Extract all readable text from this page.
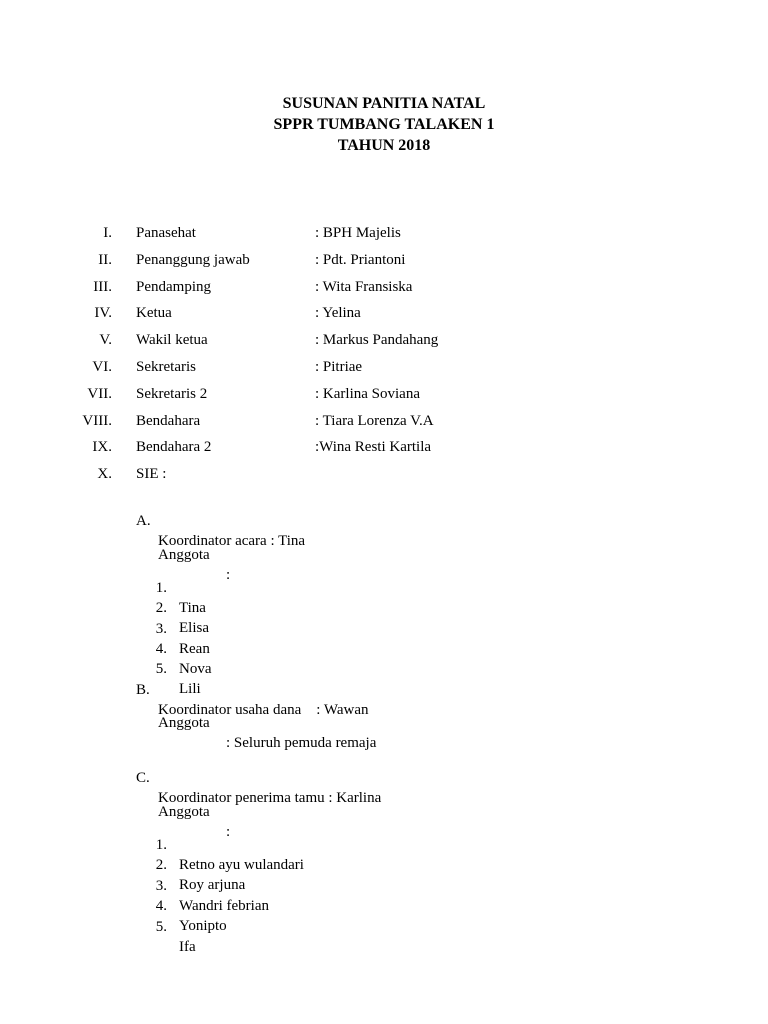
SUSUNAN PANITIA NATAL
SPPR TUMBANG TALAKEN 1
TAHUN 2018
I. Panasehat	: BPH Majelis
II. Penanggung jawab	: Pdt. Priantoni
III. Pendamping	: Wita Fransiska
IV. Ketua	: Yelina
V. Wakil ketua	: Markus Pandahang
VI. Sekretaris	: Pitriae
VII. Sekretaris 2	: Karlina Soviana
VIII. Bendahara	: Tiara Lorenza V.A
IX. Bendahara 2	:Wina Resti Kartila
X. SIE :

A.

Koordinator acara : Tina

Anggota

:

1.

Tina

2.

Elisa

3.

Rean

4.

Nova

5.

Lili

B.

Koordinator usaha dana    : Wawan

Anggota

: Seluruh pemuda remaja

C.

Koordinator penerima tamu : Karlina

Anggota

:

1.

Retno ayu wulandari

2.

Roy arjuna

3.

Wandri febrian

4.

Yonipto

5.

Ifa
